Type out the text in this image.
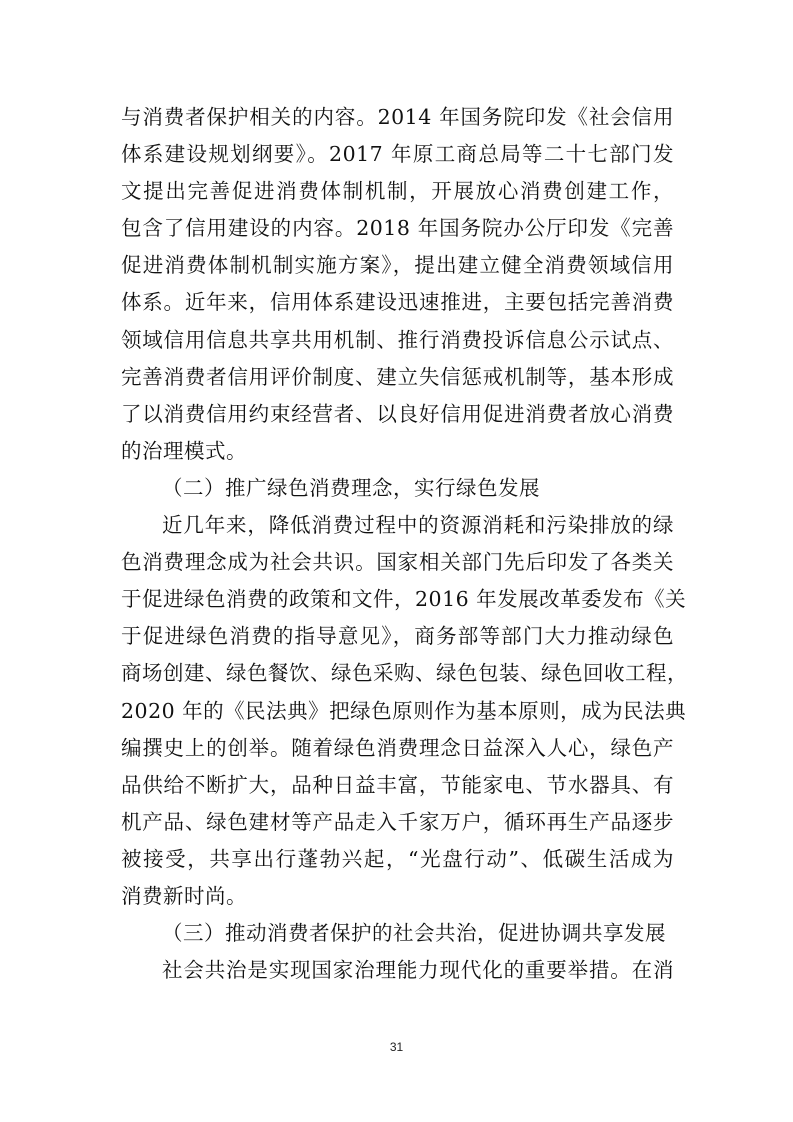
与消费者保护相关的内容。2014 年国务院印发《社会信用
体系建设规划纲要》。2017 年原工商总局等二十七部门发
文提出完善促进消费体制机制，开展放心消费创建工作，
包含了信用建设的内容。2018 年国务院办公厅印发《完善
促进消费体制机制实施方案》，提出建立健全消费领域信用
体系。近年来，信用体系建设迅速推进，主要包括完善消费
领域信用信息共享共用机制、推行消费投诉信息公示试点、
完善消费者信用评价制度、建立失信惩戒机制等，基本形成
了以消费信用约束经营者、以良好信用促进消费者放心消费
的治理模式。
（二）推广绿色消费理念，实行绿色发展
近几年来，降低消费过程中的资源消耗和污染排放的绿
色消费理念成为社会共识。国家相关部门先后印发了各类关
于促进绿色消费的政策和文件，2016 年发展改革委发布《关
于促进绿色消费的指导意见》，商务部等部门大力推动绿色
商场创建、绿色餐饮、绿色采购、绿色包装、绿色回收工程，
2020 年的《民法典》把绿色原则作为基本原则，成为民法典
编撰史上的创举。随着绿色消费理念日益深入人心，绿色产
品供给不断扩大，品种日益丰富，节能家电、节水器具、有
机产品、绿色建材等产品走入千家万户，循环再生产品逐步
被接受，共享出行蓬勃兴起，“光盘行动”、低碳生活成为
消费新时尚。
（三）推动消费者保护的社会共治，促进协调共享发展
社会共治是实现国家治理能力现代化的重要举措。在消
31
